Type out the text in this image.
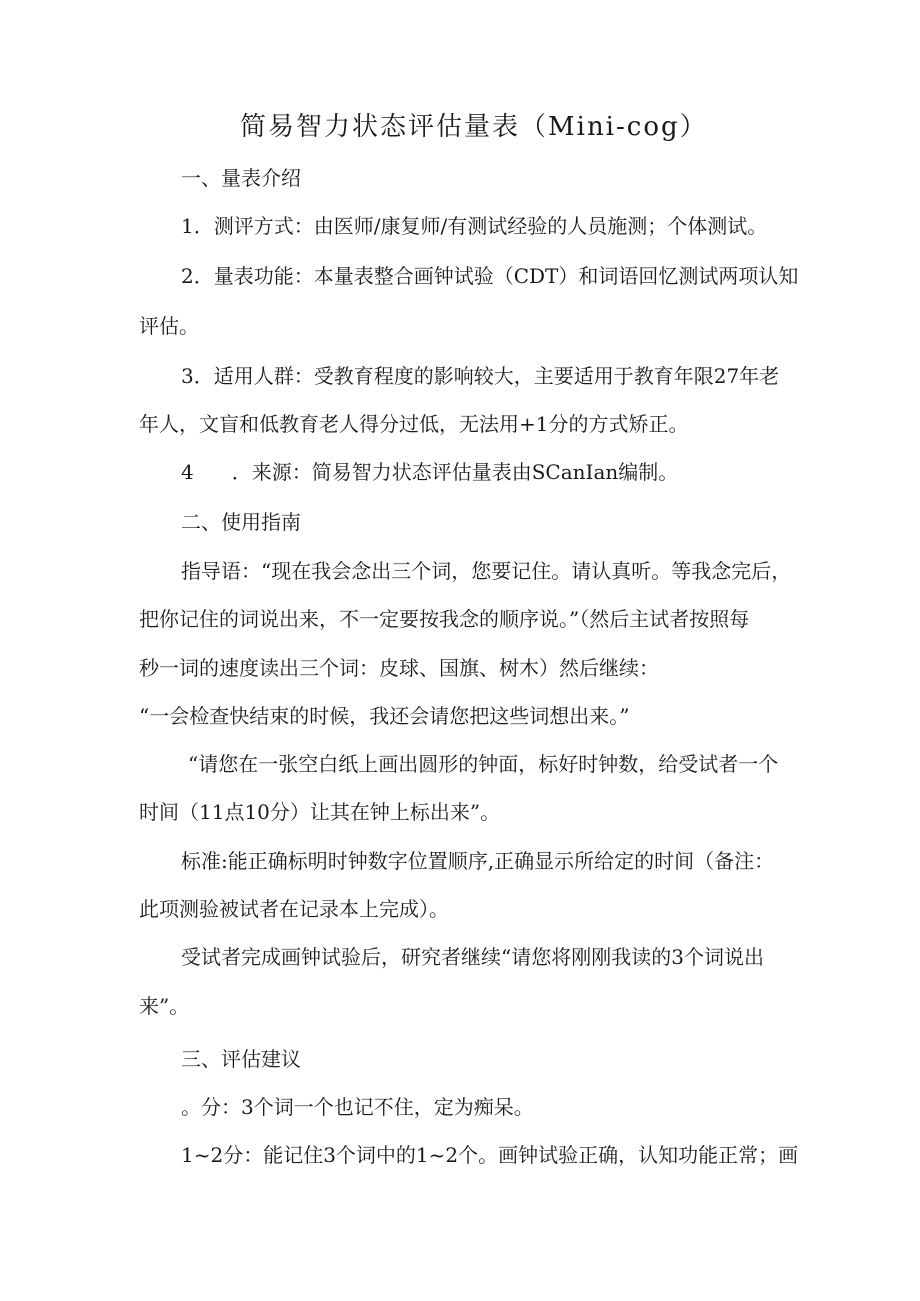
简易智力状态评估量表（Mini-cog）
一、量表介绍
1．测评方式：由医师/康复师/有测试经验的人员施测；个体测试。
2．量表功能：本量表整合画钟试验（CDT）和词语回忆测试两项认知
评估。
3．适用人群：受教育程度的影响较大，主要适用于教育年限27年老
年人，文盲和低教育老人得分过低，无法用+1分的方式矫正。
4 ．来源：简易智力状态评估量表由SCanIan编制。
二、使用指南
指导语：“现在我会念出三个词，您要记住。请认真听。等我念完后，
把你记住的词说出来，不一定要按我念的顺序说。”（然后主试者按照每
秒一词的速度读出三个词：皮球、国旗、树木）然后继续：
“一会检查快结束的时候，我还会请您把这些词想出来。”
“请您在一张空白纸上画出圆形的钟面，标好时钟数，给受试者一个
时间（11点10分）让其在钟上标出来”。
标准:能正确标明时钟数字位置顺序,正确显示所给定的时间（备注：
此项测验被试者在记录本上完成）。
受试者完成画钟试验后，研究者继续“请您将刚刚我读的3个词说出
来”。
三、评估建议
。分：3个词一个也记不住，定为痴呆。
1~2分：能记住3个词中的1~2个。画钟试验正确，认知功能正常；画
